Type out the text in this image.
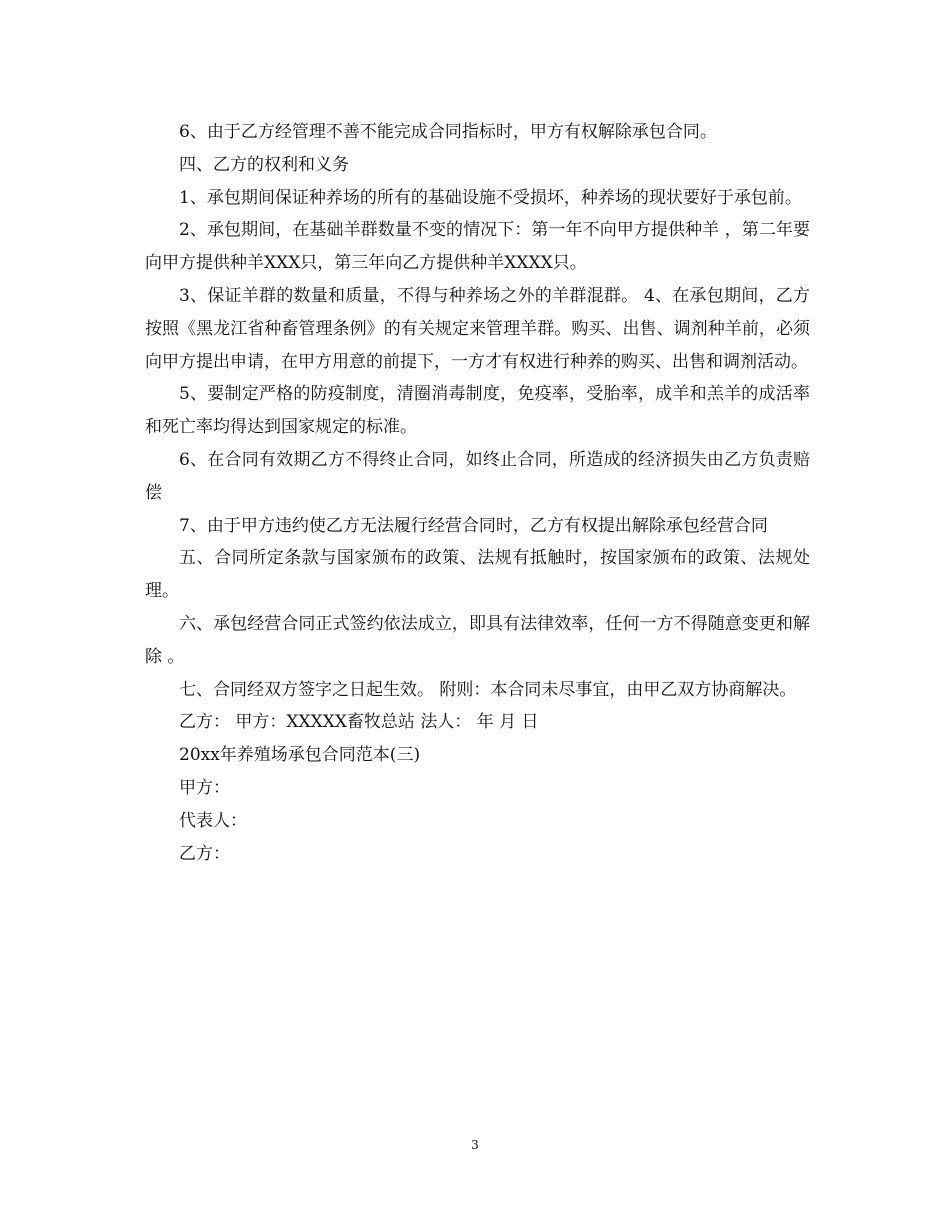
6、由于乙方经管理不善不能完成合同指标时，甲方有权解除承包合同。

四、乙方的权利和义务

1、承包期间保证种养场的所有的基础设施不受损坏，种养场的现状要好于承包前。

2、承包期间，在基础羊群数量不变的情况下：第一年不向甲方提供种羊 ，第二年要向甲方提供种羊XXX只，第三年向乙方提供种羊XXXX只。

3、保证羊群的数量和质量，不得与种养场之外的羊群混群。 4、在承包期间，乙方按照《黑龙江省种畜管理条例》的有关规定来管理羊群。购买、出售、调剂种羊前，必须向甲方提出申请，在甲方用意的前提下，一方才有权进行种养的购买、出售和调剂活动。

5、要制定严格的防疫制度，清圈消毒制度，免疫率，受胎率，成羊和羔羊的成活率和死亡率均得达到国家规定的标准。

6、在合同有效期乙方不得终止合同，如终止合同，所造成的经济损失由乙方负责赔偿

7、由于甲方违约使乙方无法履行经营合同时，乙方有权提出解除承包经营合同

五、合同所定条款与国家颁布的政策、法规有抵触时，按国家颁布的政策、法规处理。

六、承包经营合同正式签约依法成立，即具有法律效率，任何一方不得随意变更和解除 。

七、合同经双方签字之日起生效。 附则：本合同未尽事宜，由甲乙双方协商解决。

乙方： 甲方：XXXXX畜牧总站 法人： 年 月 日

20xx年养殖场承包合同范本(三)

甲方：

代表人：

乙方：

3
